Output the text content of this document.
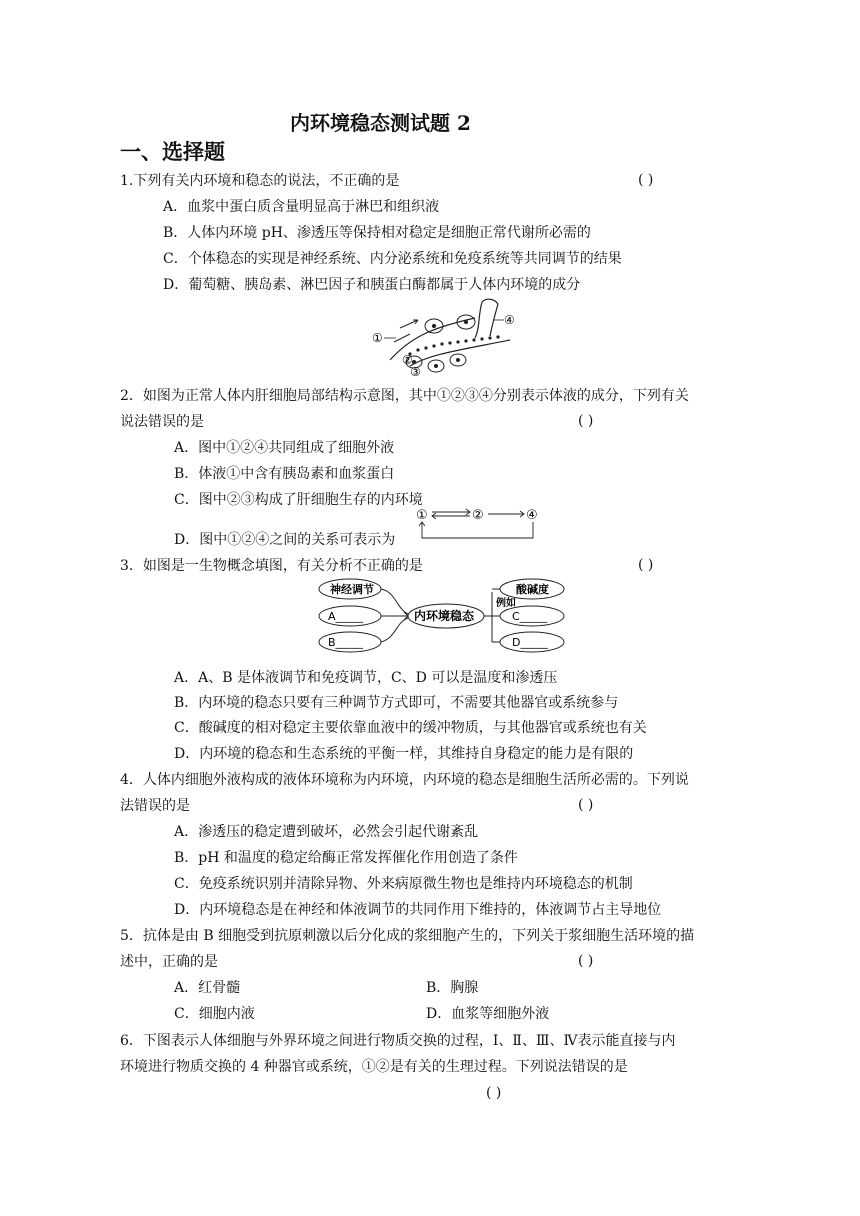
内环境稳态测试题 2
一、选择题
1.下列有关内环境和稳态的说法，不正确的是	( )
A．血浆中蛋白质含量明显高于淋巴和组织液
B．人体内环境 pH、渗透压等保持相对稳定是细胞正常代谢所必需的
C．个体稳态的实现是神经系统、内分泌系统和免疫系统等共同调节的结果
D．葡萄糖、胰岛素、淋巴因子和胰蛋白酶都属于人体内环境的成分
①
②
③
④
2．如图为正常人体内肝细胞局部结构示意图，其中①②③④分别表示体液的成分，下列有关
说法错误的是	( )
A．图中①②④共同组成了细胞外液
B．体液①中含有胰岛素和血浆蛋白
C．图中②③构成了肝细胞生存的内环境
D．图中①②④之间的关系可表示为
①	②	④
3．如图是一生物概念填图，有关分析不正确的是	( )
神经调节
A_____
B_____
内环境稳态
例如
酸碱度
C_____
D_____
A．A、B 是体液调节和免疫调节，C、D 可以是温度和渗透压
B．内环境的稳态只要有三种调节方式即可，不需要其他器官或系统参与
C．酸碱度的相对稳定主要依靠血液中的缓冲物质，与其他器官或系统也有关
D．内环境的稳态和生态系统的平衡一样，其维持自身稳定的能力是有限的
4．人体内细胞外液构成的液体环境称为内环境，内环境的稳态是细胞生活所必需的。下列说
法错误的是	( )
A．渗透压的稳定遭到破坏，必然会引起代谢紊乱
B．pH 和温度的稳定给酶正常发挥催化作用创造了条件
C．免疫系统识别并清除异物、外来病原微生物也是维持内环境稳态的机制
D．内环境稳态是在神经和体液调节的共同作用下维持的，体液调节占主导地位
5．抗体是由 B 细胞受到抗原刺激以后分化成的浆细胞产生的，下列关于浆细胞生活环境的描
述中，正确的是	( )
A．红骨髓	B．胸腺
C．细胞内液	D．血浆等细胞外液
6．下图表示人体细胞与外界环境之间进行物质交换的过程，Ⅰ、Ⅱ、Ⅲ、Ⅳ表示能直接与内
环境进行物质交换的 4 种器官或系统，①②是有关的生理过程。下列说法错误的是
( )
